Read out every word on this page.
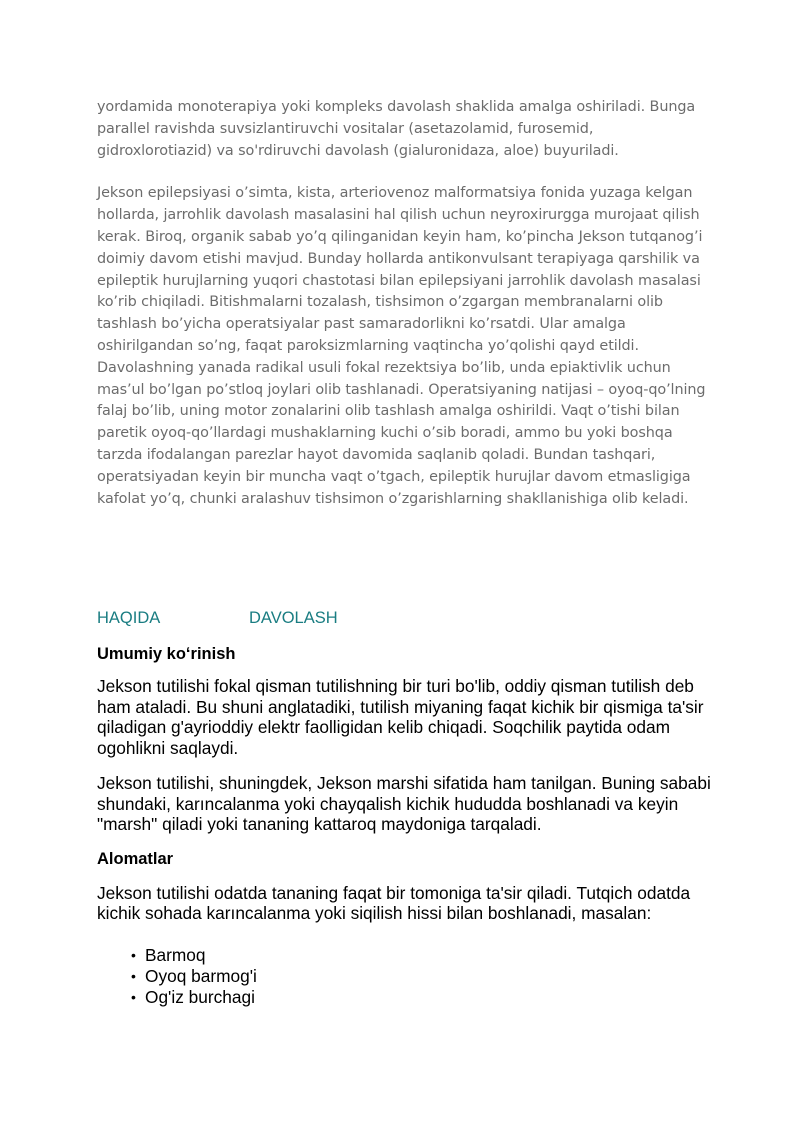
yordamida monoterapiya yoki kompleks davolash shaklida amalga oshiriladi. Bunga parallel ravishda suvsizlantiruvchi vositalar (asetazolamid, furosemid, gidroxlorotiazid) va so'rdiruvchi davolash (gialuronidaza, aloe) buyuriladi.

Jekson epilepsiyasi o’simta, kista, arteriovenoz malformatsiya fonida yuzaga kelgan hollarda, jarrohlik davolash masalasini hal qilish uchun neyroxirurgga murojaat qilish kerak. Biroq, organik sabab yo’q qilinganidan keyin ham, ko’pincha Jekson tutqanog’i doimiy davom etishi mavjud. Bunday hollarda antikonvulsant terapiyaga qarshilik va epileptik hurujlarning yuqori chastotasi bilan epilepsiyani jarrohlik davolash masalasi ko’rib chiqiladi. Bitishmalarni tozalash, tishsimon o’zgargan membranalarni olib tashlash bo’yicha operatsiyalar past samaradorlikni ko’rsatdi. Ular amalga oshirilgandan so’ng, faqat paroksizmlarning vaqtincha yo’qolishi qayd etildi. Davolashning yanada radikal usuli fokal rezektsiya bo’lib, unda epiaktivlik uchun mas’ul bo’lgan po’stloq joylari olib tashlanadi. Operatsiyaning natijasi – oyoq-qo’lning falaj bo’lib, uning motor zonalarini olib tashlash amalga oshirildi. Vaqt o’tishi bilan paretik oyoq-qo’llardagi mushaklarning kuchi o’sib boradi, ammo bu yoki boshqa tarzda ifodalangan parezlar hayot davomida saqlanib qoladi. Bundan tashqari, operatsiyadan keyin bir muncha vaqt o’tgach, epileptik hurujlar davom etmasligiga kafolat yo’q, chunki aralashuv tishsimon o’zgarishlarning shakllanishiga olib keladi.

HAQIDA	DAVOLASH
Umumiy koʻrinish

Jekson tutilishi fokal qisman tutilishning bir turi bo'lib, oddiy qisman tutilish deb ham ataladi. Bu shuni anglatadiki, tutilish miyaning faqat kichik bir qismiga ta'sir qiladigan g'ayrioddiy elektr faolligidan kelib chiqadi. Soqchilik paytida odam ogohlikni saqlaydi.

Jekson tutilishi, shuningdek, Jekson marshi sifatida ham tanilgan. Buning sababi shundaki, karıncalanma yoki chayqalish kichik hududda boshlanadi va keyin "marsh" qiladi yoki tananing kattaroq maydoniga tarqaladi.

Alomatlar

Jekson tutilishi odatda tananing faqat bir tomoniga ta'sir qiladi. Tutqich odatda kichik sohada karıncalanma yoki siqilish hissi bilan boshlanadi, masalan:

• Barmoq
• Oyoq barmog'i
• Og'iz burchagi
